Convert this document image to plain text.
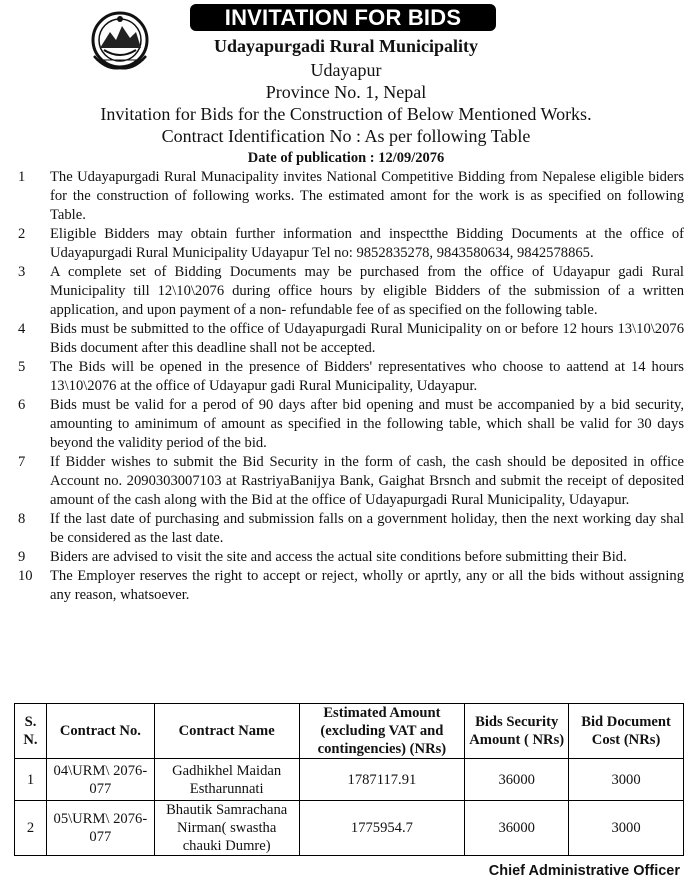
INVITATION FOR BIDS
Udayapurgadi Rural Municipality
Udayapur
Province No. 1, Nepal
Invitation for Bids for the Construction of Below Mentioned Works.
Contract Identification No : As per following Table
Date of publication : 12/09/2076
1 The Udayapurgadi Rural Munacipality invites National Competitive Bidding from Nepalese eligible biders for the construction of following works. The estimated amont for the work is as specified on following Table.
2 Eligible Bidders may obtain further information and inspectthe Bidding Documents at the office of Udayapurgadi Rural Municipality Udayapur Tel no: 9852835278, 9843580634, 9842578865.
3 A complete set of Bidding Documents may be purchased from the office of Udayapur gadi Rural Municipality till 12\10\2076 during office hours by eligible Bidders of the submission of a written application, and upon payment of a non- refundable fee of as specified on the following table.
4 Bids must be submitted to the office of Udayapurgadi Rural Municipality on or before 12 hours 13\10\2076 Bids document after this deadline shall not be accepted.
5 The Bids will be opened in the presence of Bidders' representatives who choose to aattend at 14 hours 13\10\2076 at the office of Udayapur gadi Rural Municipality, Udayapur.
6 Bids must be valid for a perod of 90 days after bid opening and must be accompanied by a bid security, amounting to aminimum of amount as specified in the following table, which shall be valid for 30 days beyond the validity period of the bid.
7 If Bidder wishes to submit the Bid Security in the form of cash, the cash should be deposited in office Account no. 2090303007103 at RastriyaBanijya Bank, Gaighat Brsnch and submit the receipt of deposited amount of the cash along with the Bid at the office of Udayapurgadi Rural Municipality, Udayapur.
8 If the last date of purchasing and submission falls on a government holiday, then the next working day shal be considered as the last date.
9 Biders are advised to visit the site and access the actual site conditions before submitting their Bid.
10 The Employer reserves the right to accept or reject, wholly or aprtly, any or all the bids without assigning any reason, whatsoever.
S. N.	Contract No.	Contract Name	Estimated Amount (excluding VAT and contingencies) (NRs)	Bids Security Amount ( NRs)	Bid Document Cost (NRs)
1	04\URM\ 2076-077	Gadhikhel Maidan Estharunnati	1787117.91	36000	3000
2	05\URM\ 2076-077	Bhautik Samrachana Nirman( swastha chauki Dumre)	1775954.7	36000	3000
Chief Administrative Officer
